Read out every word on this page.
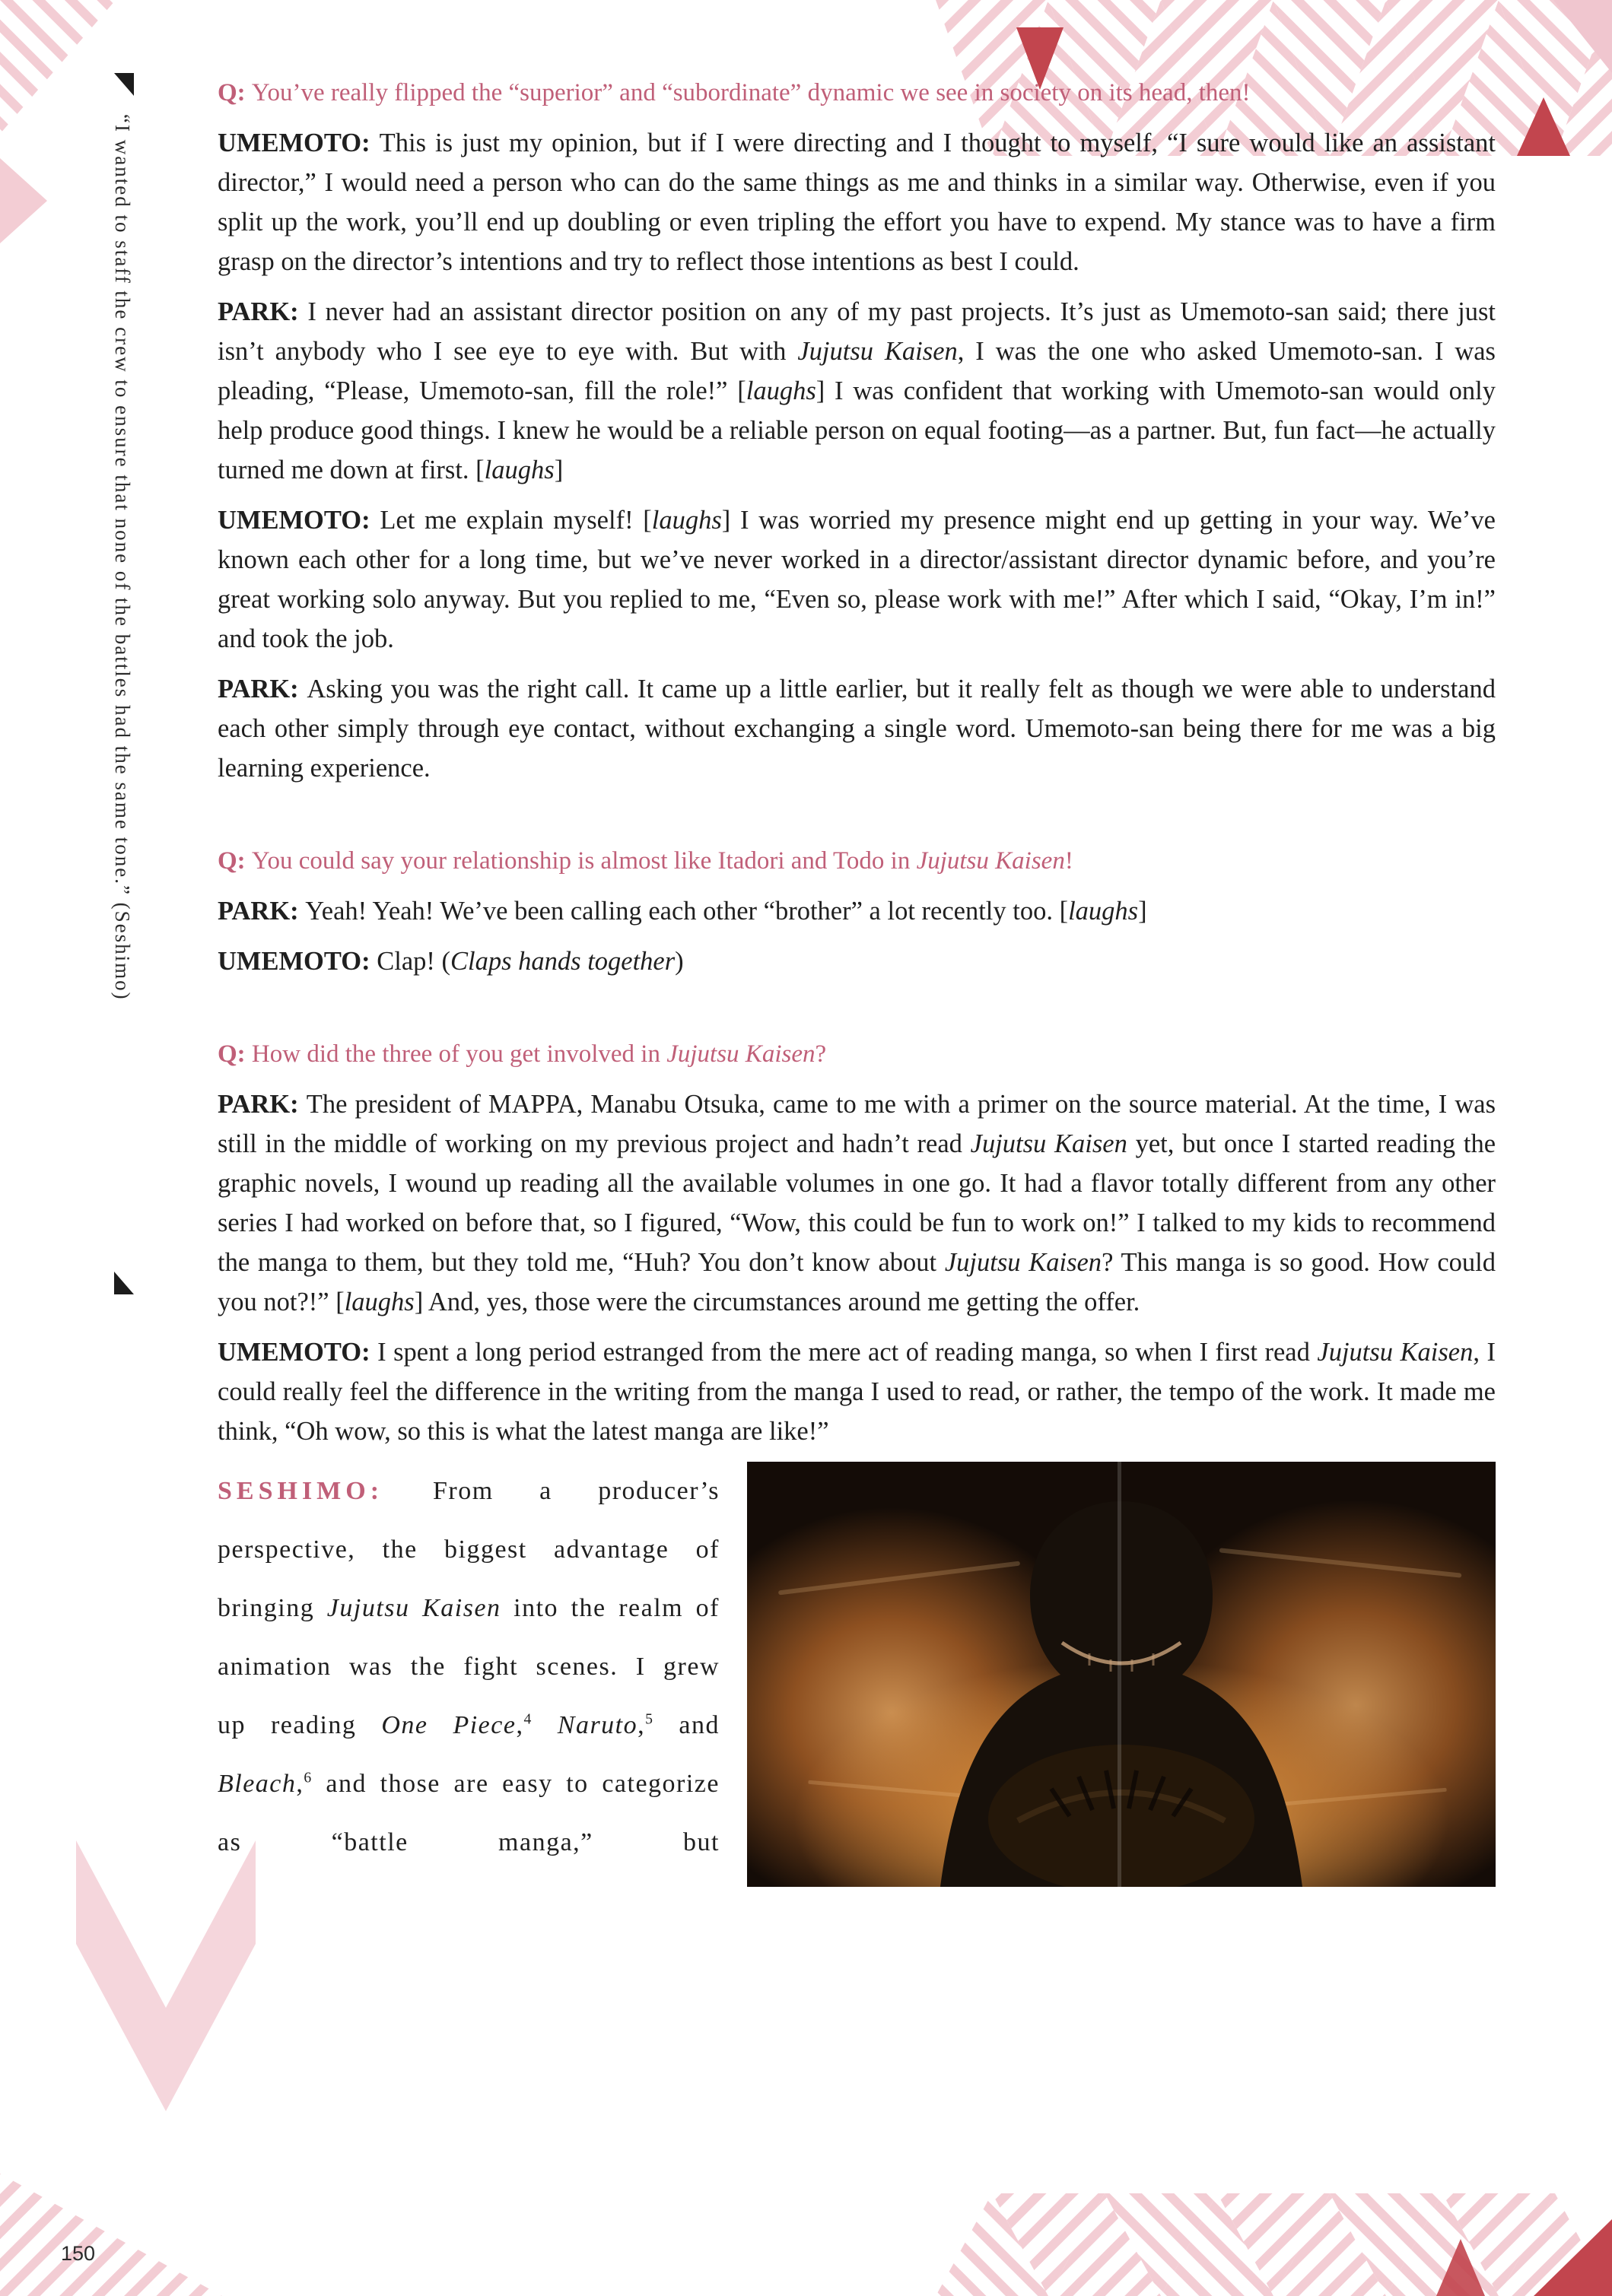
“I wanted to staff the crew to ensure that none of the battles had the same tone.” (Seshimo)

Q: You’ve really flipped the “superior” and “subordinate” dynamic we see in society on its head, then!

UMEMOTO: This is just my opinion, but if I were directing and I thought to myself, “I sure would like an assistant director,” I would need a person who can do the same things as me and thinks in a similar way. Otherwise, even if you split up the work, you’ll end up doubling or even tripling the effort you have to expend. My stance was to have a firm grasp on the director’s intentions and try to reflect those intentions as best I could.

PARK: I never had an assistant director position on any of my past projects. It’s just as Umemoto-san said; there just isn’t anybody who I see eye to eye with. But with Jujutsu Kaisen, I was the one who asked Umemoto-san. I was pleading, “Please, Umemoto-san, fill the role!” [laughs] I was confident that working with Umemoto-san would only help produce good things. I knew he would be a reliable person on equal footing—as a partner. But, fun fact—he actually turned me down at first. [laughs]

UMEMOTO: Let me explain myself! [laughs] I was worried my presence might end up getting in your way. We’ve known each other for a long time, but we’ve never worked in a director/assistant director dynamic before, and you’re great working solo anyway. But you replied to me, “Even so, please work with me!” After which I said, “Okay, I’m in!” and took the job.

PARK: Asking you was the right call. It came up a little earlier, but it really felt as though we were able to understand each other simply through eye contact, without exchanging a single word. Umemoto-san being there for me was a big learning experience.

Q: You could say your relationship is almost like Itadori and Todo in Jujutsu Kaisen!

PARK: Yeah! Yeah! We’ve been calling each other “brother” a lot recently too. [laughs]

UMEMOTO: Clap! (Claps hands together)

Q: How did the three of you get involved in Jujutsu Kaisen?

PARK: The president of MAPPA, Manabu Otsuka, came to me with a primer on the source material. At the time, I was still in the middle of working on my previous project and hadn’t read Jujutsu Kaisen yet, but once I started reading the graphic novels, I wound up reading all the available volumes in one go. It had a flavor totally different from any other series I had worked on before that, so I figured, “Wow, this could be fun to work on!” I talked to my kids to recommend the manga to them, but they told me, “Huh? You don’t know about Jujutsu Kaisen? This manga is so good. How could you not?!” [laughs] And, yes, those were the circumstances around me getting the offer.

UMEMOTO: I spent a long period estranged from the mere act of reading manga, so when I first read Jujutsu Kaisen, I could really feel the difference in the writing from the manga I used to read, or rather, the tempo of the work. It made me think, “Oh wow, so this is what the latest manga are like!”

SESHIMO: From a producer’s perspective, the biggest advantage of bringing Jujutsu Kaisen into the realm of animation was the fight scenes. I grew up reading One Piece,$^4$ Naruto,$^5$ and Bleach,$^6$ and those are easy to categorize as “battle manga,” but

150
